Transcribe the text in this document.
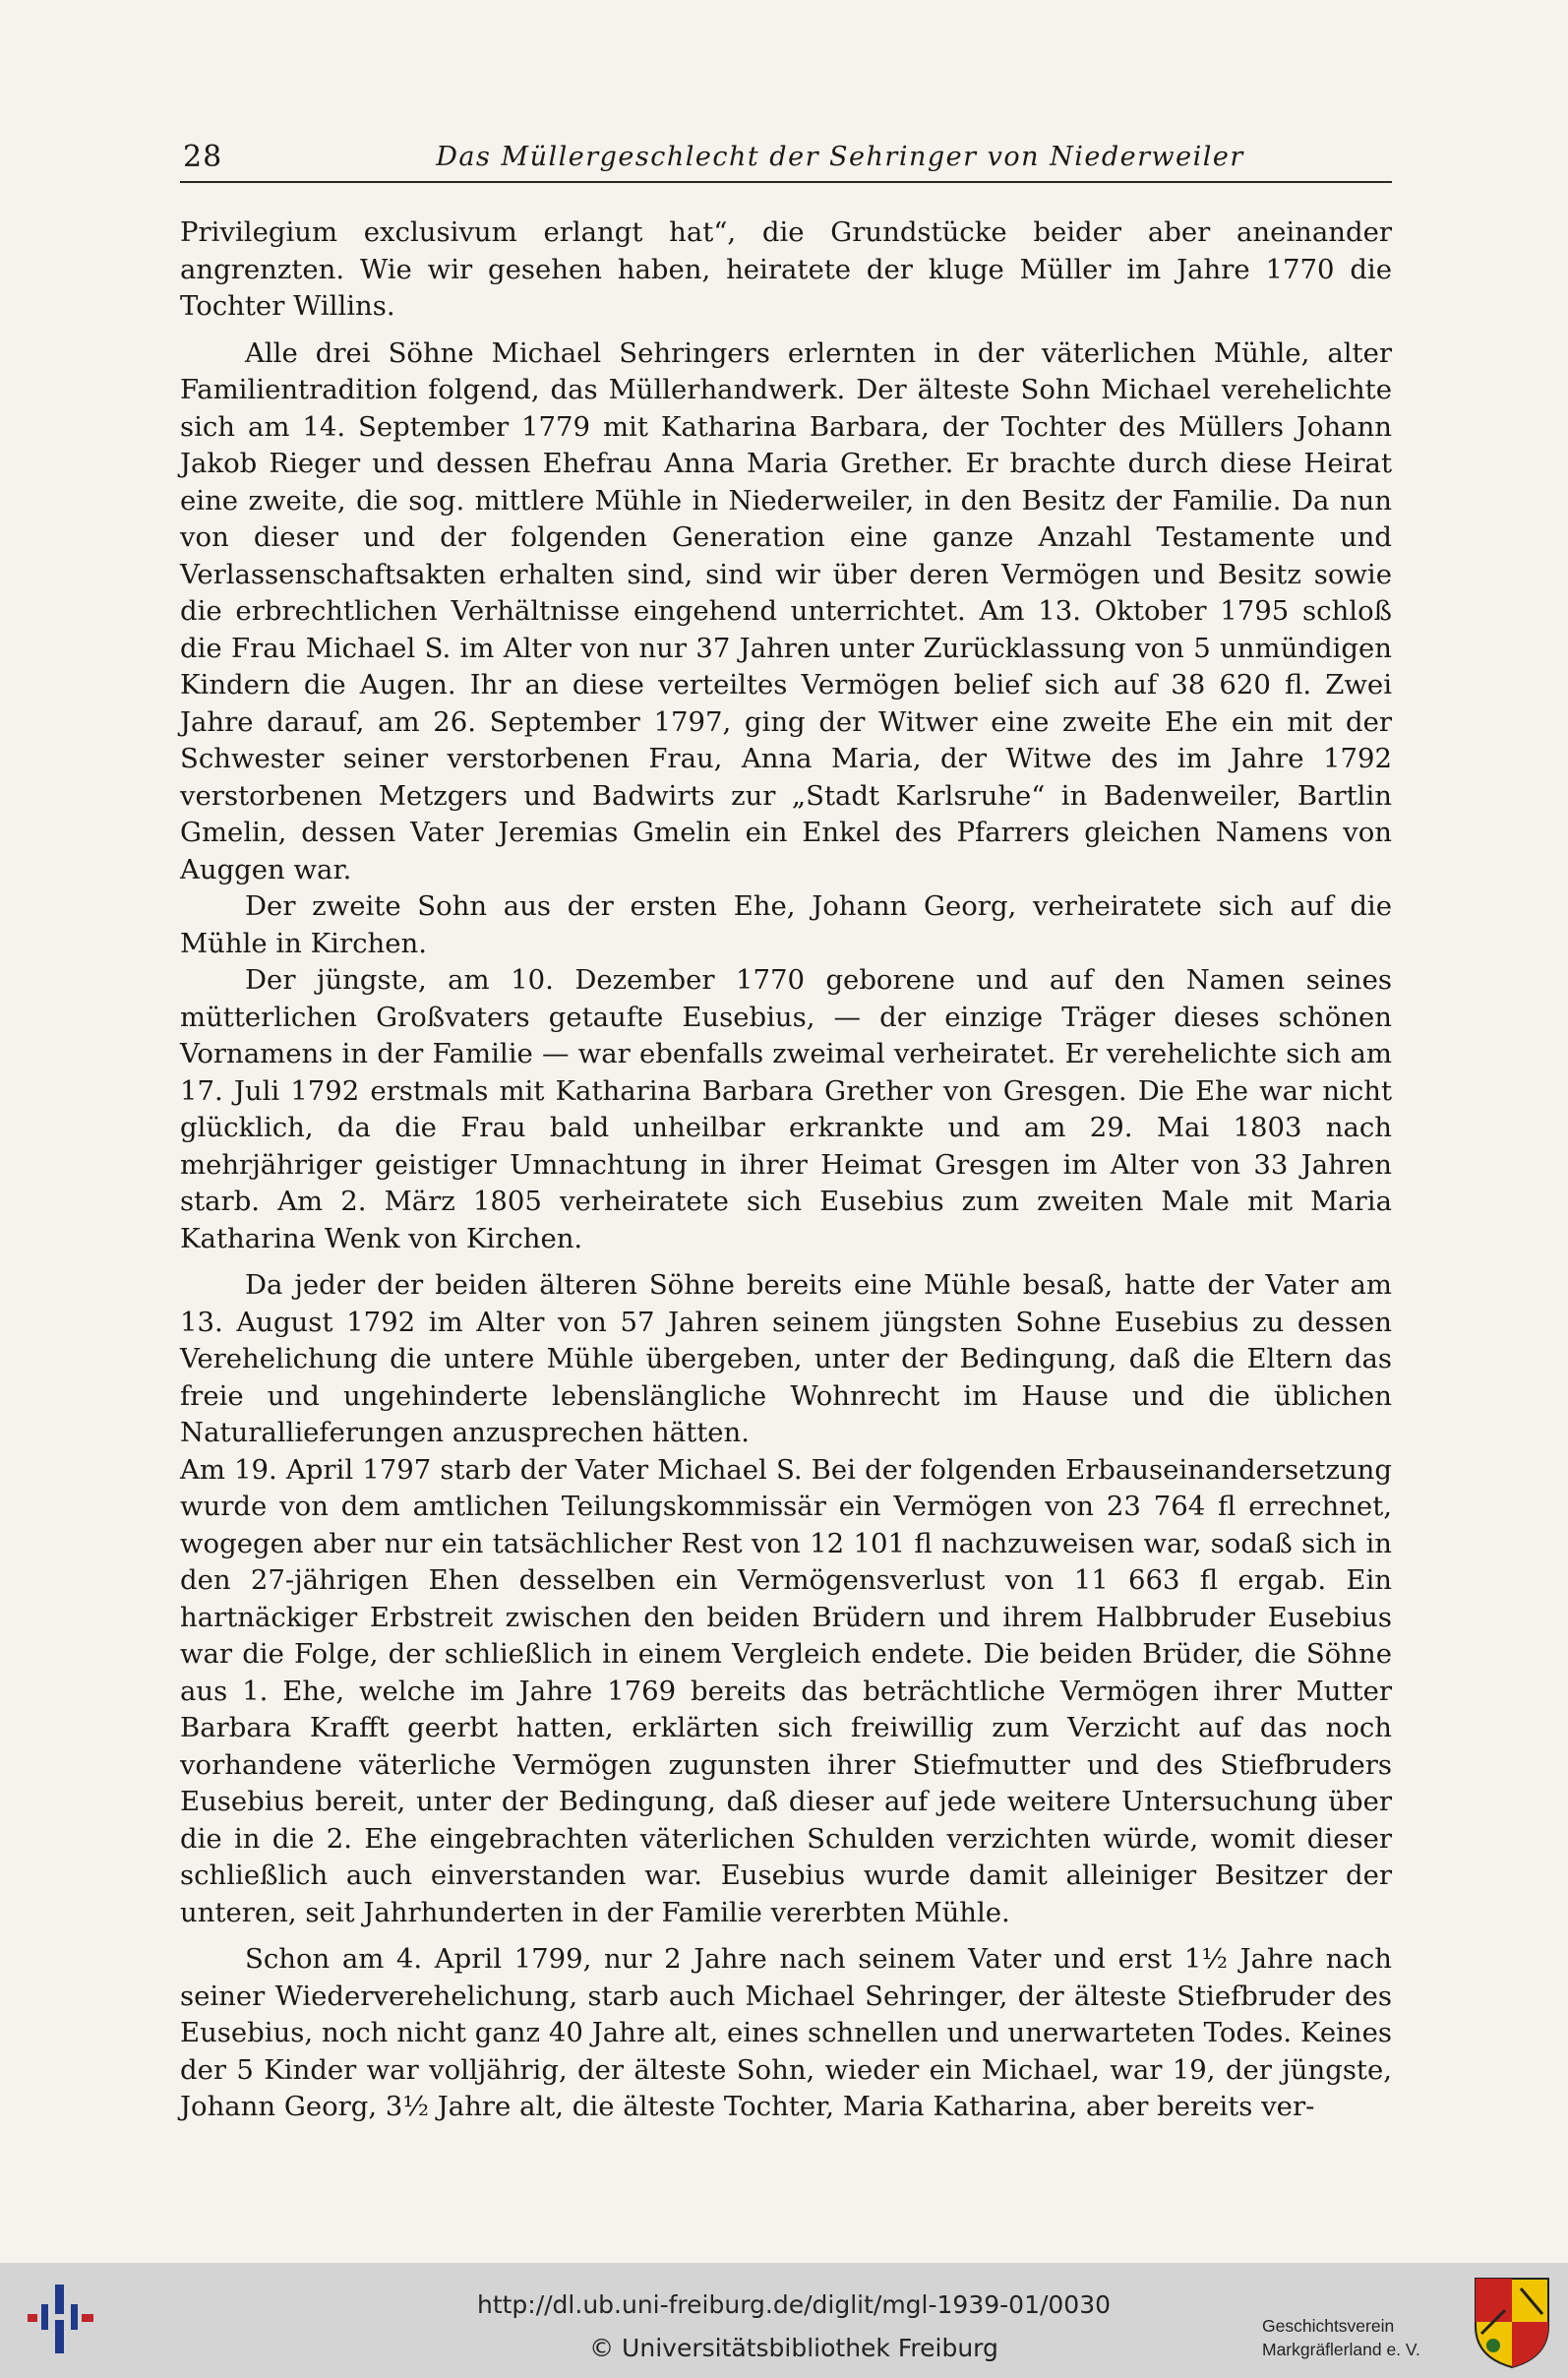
28	Das Müllergeschlecht der Sehringer von Niederweiler

Privilegium exclusivum erlangt hat“, die Grundstücke beider aber aneinander angrenzten. Wie wir gesehen haben, heiratete der kluge Müller im Jahre 1770 die Tochter Willins.

Alle drei Söhne Michael Sehringers erlernten in der väterlichen Mühle, alter Familientradition folgend, das Müllerhandwerk. Der älteste Sohn Michael verehelichte sich am 14. September 1779 mit Katharina Barbara, der Tochter des Müllers Johann Jakob Rieger und dessen Ehefrau Anna Maria Grether. Er brachte durch diese Heirat eine zweite, die sog. mittlere Mühle in Niederweiler, in den Besitz der Familie. Da nun von dieser und der folgenden Generation eine ganze Anzahl Testamente und Verlassenschaftsakten erhalten sind, sind wir über deren Vermögen und Besitz sowie die erbrechtlichen Verhältnisse eingehend unterrichtet. Am 13. Oktober 1795 schloß die Frau Michael S. im Alter von nur 37 Jahren unter Zurücklassung von 5 unmündigen Kindern die Augen. Ihr an diese verteiltes Vermögen belief sich auf 38 620 fl. Zwei Jahre darauf, am 26. September 1797, ging der Witwer eine zweite Ehe ein mit der Schwester seiner verstorbenen Frau, Anna Maria, der Witwe des im Jahre 1792 verstorbenen Metzgers und Badwirts zur „Stadt Karlsruhe“ in Badenweiler, Bartlin Gmelin, dessen Vater Jeremias Gmelin ein Enkel des Pfarrers gleichen Namens von Auggen war.

Der zweite Sohn aus der ersten Ehe, Johann Georg, verheiratete sich auf die Mühle in Kirchen.

Der jüngste, am 10. Dezember 1770 geborene und auf den Namen seines mütterlichen Großvaters getaufte Eusebius, — der einzige Träger dieses schönen Vornamens in der Familie — war ebenfalls zweimal verheiratet. Er verehelichte sich am 17. Juli 1792 erstmals mit Katharina Barbara Grether von Gresgen. Die Ehe war nicht glücklich, da die Frau bald unheilbar erkrankte und am 29. Mai 1803 nach mehrjähriger geistiger Umnachtung in ihrer Heimat Gresgen im Alter von 33 Jahren starb. Am 2. März 1805 verheiratete sich Eusebius zum zweiten Male mit Maria Katharina Wenk von Kirchen.

Da jeder der beiden älteren Söhne bereits eine Mühle besaß, hatte der Vater am 13. August 1792 im Alter von 57 Jahren seinem jüngsten Sohne Eusebius zu dessen Verehelichung die untere Mühle übergeben, unter der Bedingung, daß die Eltern das freie und ungehinderte lebenslängliche Wohnrecht im Hause und die üblichen Naturallieferungen anzusprechen hätten.

Am 19. April 1797 starb der Vater Michael S. Bei der folgenden Erbauseinandersetzung wurde von dem amtlichen Teilungskommissär ein Vermögen von 23 764 fl errechnet, wogegen aber nur ein tatsächlicher Rest von 12 101 fl nachzuweisen war, sodaß sich in den 27-jährigen Ehen desselben ein Vermögensverlust von 11 663 fl ergab. Ein hartnäckiger Erbstreit zwischen den beiden Brüdern und ihrem Halbbruder Eusebius war die Folge, der schließlich in einem Vergleich endete. Die beiden Brüder, die Söhne aus 1. Ehe, welche im Jahre 1769 bereits das beträchtliche Vermögen ihrer Mutter Barbara Krafft geerbt hatten, erklärten sich freiwillig zum Verzicht auf das noch vorhandene väterliche Vermögen zugunsten ihrer Stiefmutter und des Stiefbruders Eusebius bereit, unter der Bedingung, daß dieser auf jede weitere Untersuchung über die in die 2. Ehe eingebrachten väterlichen Schulden verzichten würde, womit dieser schließlich auch einverstanden war. Eusebius wurde damit alleiniger Besitzer der unteren, seit Jahrhunderten in der Familie vererbten Mühle.

Schon am 4. April 1799, nur 2 Jahre nach seinem Vater und erst 1½ Jahre nach seiner Wiederverehelichung, starb auch Michael Sehringer, der älteste Stiefbruder des Eusebius, noch nicht ganz 40 Jahre alt, eines schnellen und unerwarteten Todes. Keines der 5 Kinder war volljährig, der älteste Sohn, wieder ein Michael, war 19, der jüngste, Johann Georg, 3½ Jahre alt, die älteste Tochter, Maria Katharina, aber bereits ver-

http://dl.ub.uni-freiburg.de/diglit/mgl-1939-01/0030
© Universitätsbibliothek Freiburg
Geschichtsverein
Markgräflerland e. V.
